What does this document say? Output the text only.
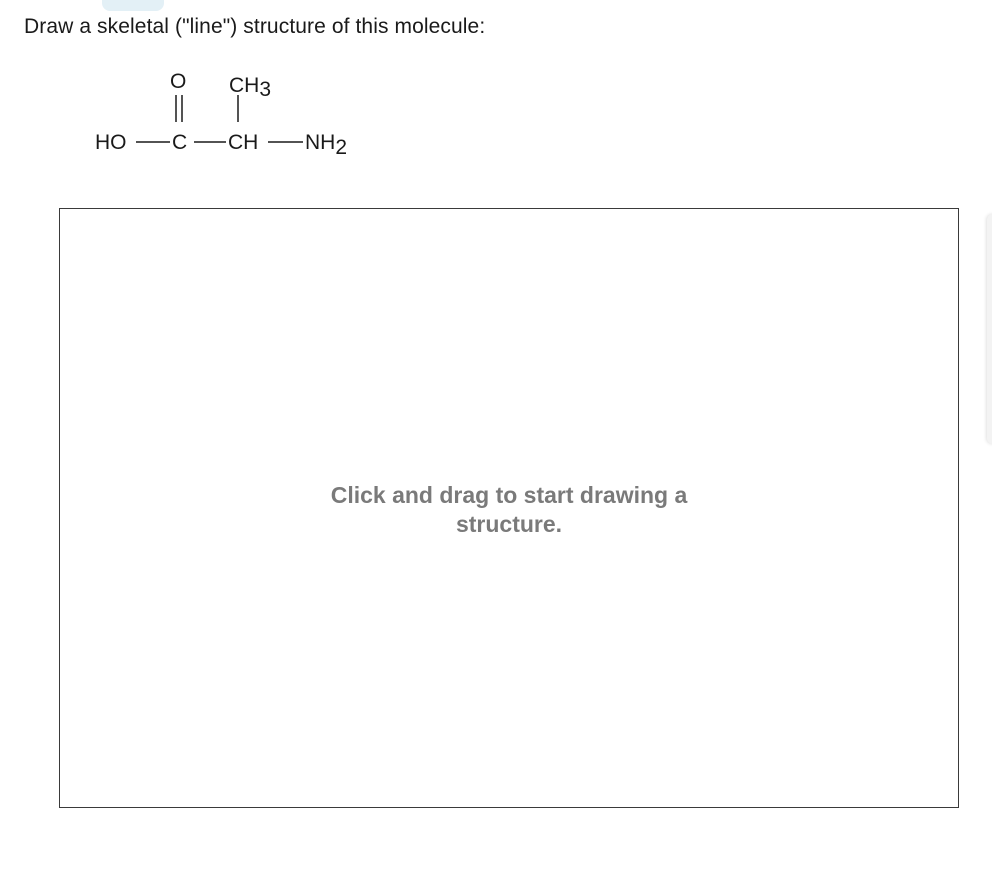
Draw a skeletal ("line") structure of this molecule:
O CH3
HO C CH NH2
Click and drag to start drawing a
structure.
